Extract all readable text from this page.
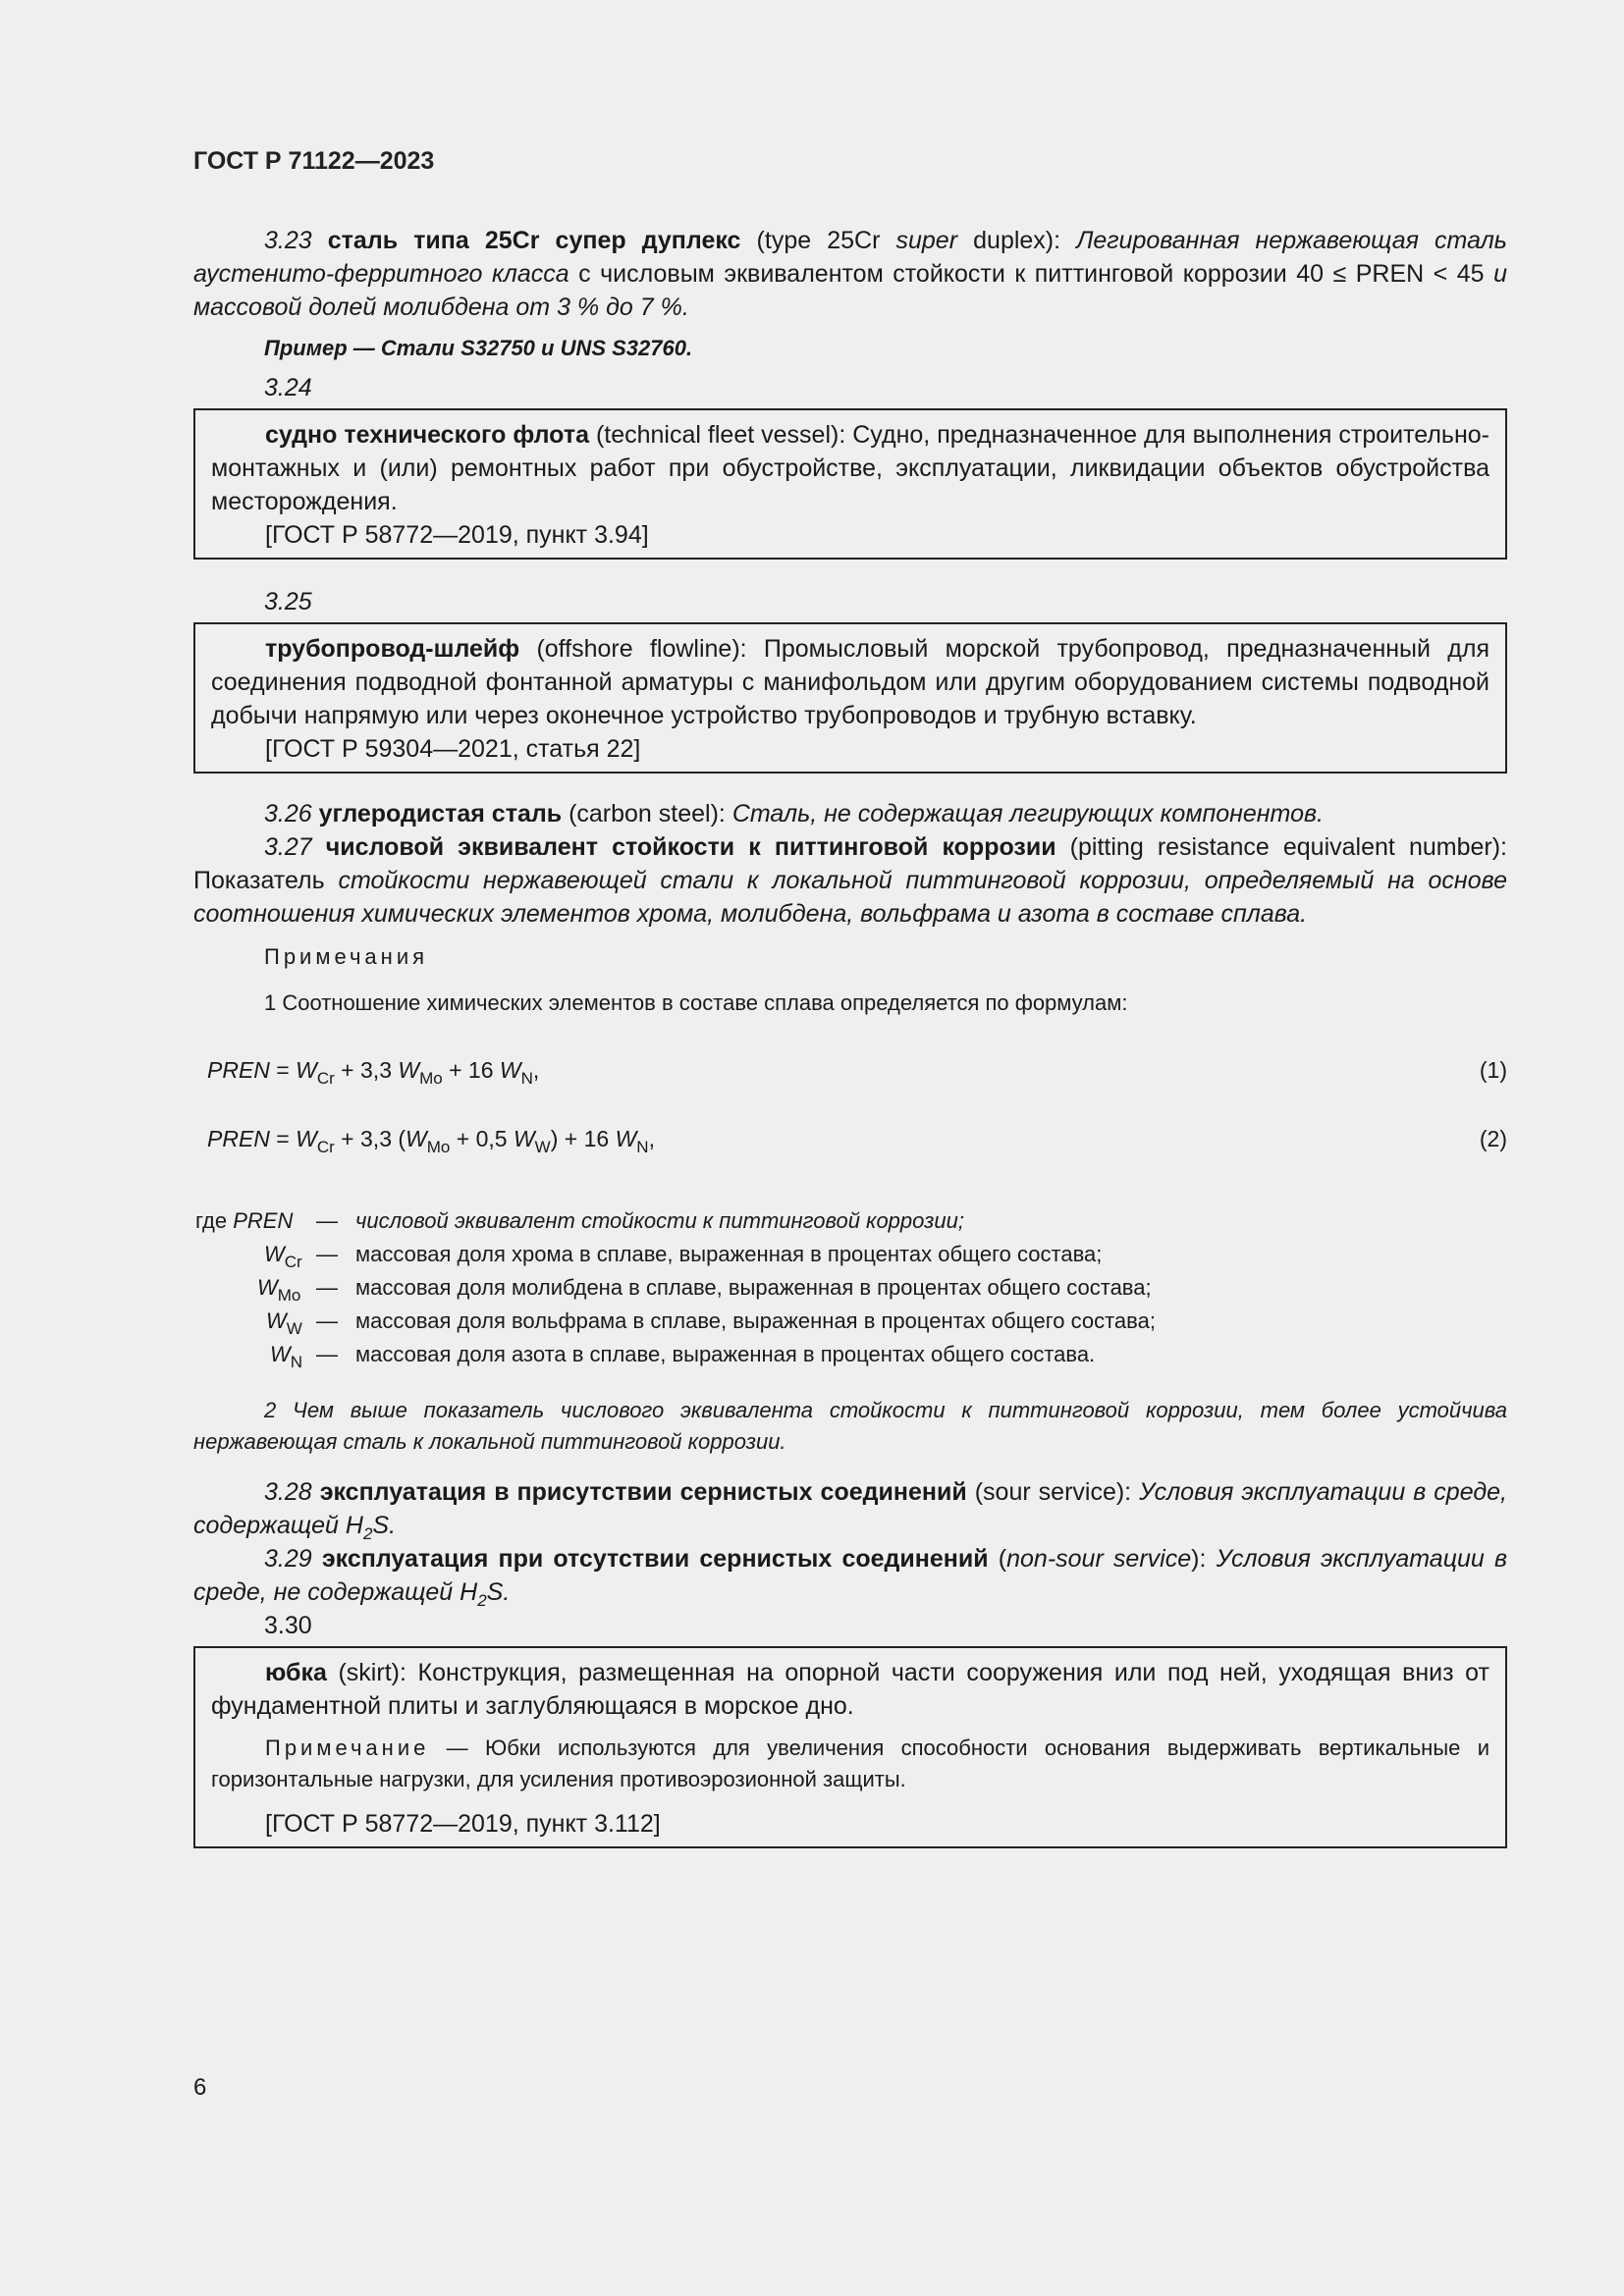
ГОСТ Р 71122—2023

3.23 сталь типа 25Cr супер дуплекс (type 25Cr super duplex): Легированная нержавеющая сталь аустенито-ферритного класса с числовым эквивалентом стойкости к питтинговой коррозии 40 ≤ PREN < 45 и массовой долей молибдена от 3 % до 7 %.

Пример — Стали S32750 и UNS S32760.
3.24

судно технического флота (technical fleet vessel): Судно, предназначенное для выполнения строительно-монтажных и (или) ремонтных работ при обустройстве, эксплуатации, ликвидации объектов обустройства месторождения.

[ГОСТ Р 58772—2019, пункт 3.94]
3.25

трубопровод-шлейф (offshore flowline): Промысловый морской трубопровод, предназначенный для соединения подводной фонтанной арматуры с манифольдом или другим оборудованием системы подводной добычи напрямую или через оконечное устройство трубопроводов и трубную вставку.

[ГОСТ Р 59304—2021, статья 22]

3.26 углеродистая сталь (carbon steel): Сталь, не содержащая легирующих компонентов.

3.27 числовой эквивалент стойкости к питтинговой коррозии (pitting resistance equivalent number): Показатель стойкости нержавеющей стали к локальной питтинговой коррозии, определяемый на основе соотношения химических элементов хрома, молибдена, вольфрама и азота в составе сплава.

Примечания
1 Соотношение химических элементов в составе сплава определяется по формулам:
PREN = $W_{Cr} + 3,3$ $W_{Mo} + 16$ $W_N$,	(1)
PREN = $W_{Cr} + 3,3$ ($W_{Mo} + 0,5$ $W_W) + 16$ $W_N$,	(2)
где PREN — числовой эквивалент стойкости к питтинговой коррозии;
$W_{Cr}$ — массовая доля хрома в сплаве, выраженная в процентах общего состава;
$W_{Mo}$ — массовая доля молибдена в сплаве, выраженная в процентах общего состава;
$W_W$ — массовая доля вольфрама в сплаве, выраженная в процентах общего состава;
$W_N$ — массовая доля азота в сплаве, выраженная в процентах общего состава.
2 Чем выше показатель числового эквивалента стойкости к питтинговой коррозии, тем более устойчива нержавеющая сталь к локальной питтинговой коррозии.

3.28 эксплуатация в присутствии сернистых соединений (sour service): Условия эксплуатации в среде, содержащей $H_2S$.

3.29 эксплуатация при отсутствии сернистых соединений (non-sour service): Условия эксплуатации в среде, не содержащей $H_2S$.

3.30

юбка (skirt): Конструкция, размещенная на опорной части сооружения или под ней, уходящая вниз от фундаментной плиты и заглубляющаяся в морское дно.

Примечание — Юбки используются для увеличения способности основания выдерживать вертикальные и горизонтальные нагрузки, для усиления противоэрозионной защиты.
[ГОСТ Р 58772—2019, пункт 3.112]
6
